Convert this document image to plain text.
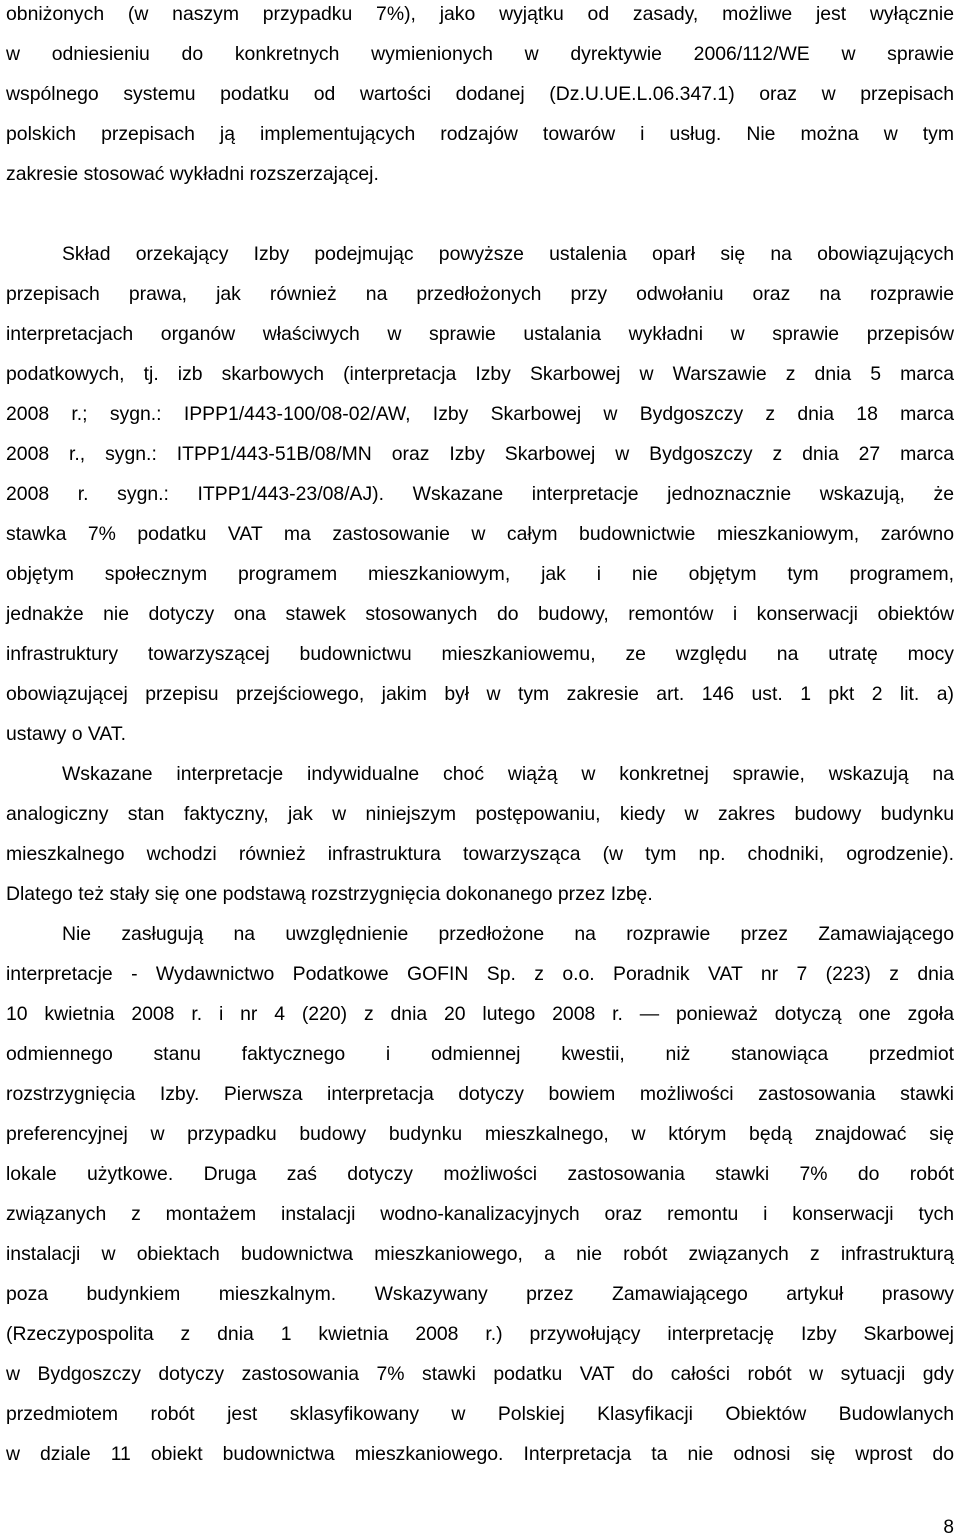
obniżonych (w naszym przypadku 7%), jako wyjątku od zasady, możliwe jest wyłącznie
w odniesieniu do konkretnych wymienionych w dyrektywie 2006/112/WE w sprawie
wspólnego systemu podatku od wartości dodanej (Dz.U.UE.L.06.347.1) oraz w przepisach
polskich przepisach ją implementujących rodzajów towarów i usług. Nie można w tym
zakresie stosować wykładni rozszerzającej.
Skład orzekający Izby podejmując powyższe ustalenia oparł się na obowiązujących
przepisach prawa, jak również na przedłożonych przy odwołaniu oraz na rozprawie
interpretacjach organów właściwych w sprawie ustalania wykładni w sprawie przepisów
podatkowych, tj. izb skarbowych (interpretacja Izby Skarbowej w Warszawie z dnia 5 marca
2008 r.; sygn.: IPPP1/443-100/08-02/AW, Izby Skarbowej w Bydgoszczy z dnia 18 marca
2008 r., sygn.: ITPP1/443-51B/08/MN oraz Izby Skarbowej w Bydgoszczy z dnia 27 marca
2008 r. sygn.: ITPP1/443-23/08/AJ). Wskazane interpretacje jednoznacznie wskazują, że
stawka 7% podatku VAT ma zastosowanie w całym budownictwie mieszkaniowym, zarówno
objętym społecznym programem mieszkaniowym, jak i nie objętym tym programem,
jednakże nie dotyczy ona stawek stosowanych do budowy, remontów i konserwacji obiektów
infrastruktury towarzyszącej budownictwu mieszkaniowemu, ze względu na utratę mocy
obowiązującej przepisu przejściowego, jakim był w tym zakresie art. 146 ust. 1 pkt 2 lit. a)
ustawy o VAT.
Wskazane interpretacje indywidualne choć wiążą w konkretnej sprawie, wskazują na
analogiczny stan faktyczny, jak w niniejszym postępowaniu, kiedy w zakres budowy budynku
mieszkalnego wchodzi również infrastruktura towarzysząca (w tym np. chodniki, ogrodzenie).
Dlatego też stały się one podstawą rozstrzygnięcia dokonanego przez Izbę.
Nie zasługują na uwzględnienie przedłożone na rozprawie przez Zamawiającego
interpretacje - Wydawnictwo Podatkowe GOFIN Sp. z o.o. Poradnik VAT nr 7 (223) z dnia
10 kwietnia 2008 r. i nr 4 (220) z dnia 20 lutego 2008 r. — ponieważ dotyczą one zgoła
odmiennego stanu faktycznego i odmiennej kwestii, niż stanowiąca przedmiot
rozstrzygnięcia Izby. Pierwsza interpretacja dotyczy bowiem możliwości zastosowania stawki
preferencyjnej w przypadku budowy budynku mieszkalnego, w którym będą znajdować się
lokale użytkowe. Druga zaś dotyczy możliwości zastosowania stawki 7% do robót
związanych z montażem instalacji wodno-kanalizacyjnych oraz remontu i konserwacji tych
instalacji w obiektach budownictwa mieszkaniowego, a nie robót związanych z infrastrukturą
poza budynkiem mieszkalnym. Wskazywany przez Zamawiającego artykuł prasowy
(Rzeczypospolita z dnia 1 kwietnia 2008 r.) przywołujący interpretację Izby Skarbowej
w Bydgoszczy dotyczy zastosowania 7% stawki podatku VAT do całości robót w sytuacji gdy
przedmiotem robót jest sklasyfikowany w Polskiej Klasyfikacji Obiektów Budowlanych
w dziale 11 obiekt budownictwa mieszkaniowego. Interpretacja ta nie odnosi się wprost do
8
